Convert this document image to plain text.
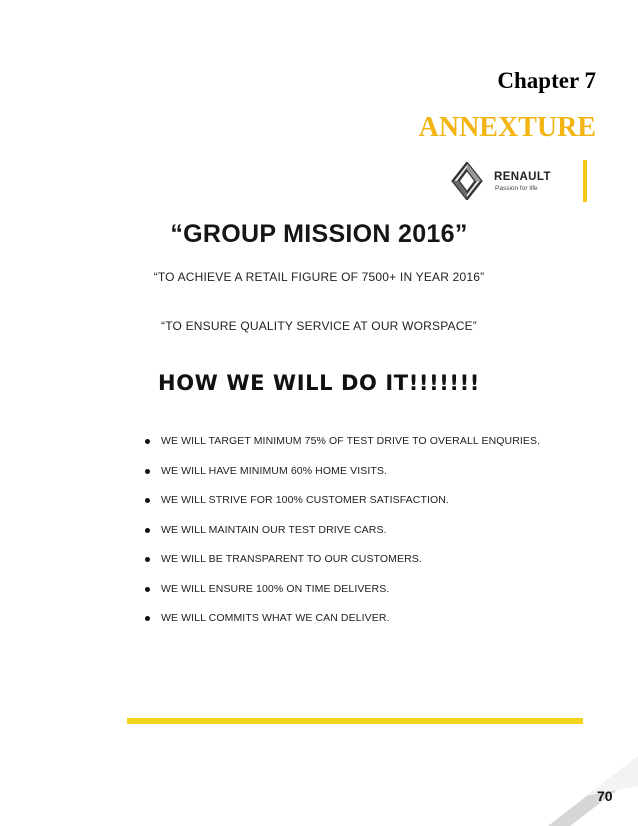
Chapter 7
ANNEXTURE
RENAULT
Passion for life
“GROUP MISSION 2016”
“TO ACHIEVE A RETAIL FIGURE OF 7500+ IN YEAR 2016”
“TO ENSURE QUALITY SERVICE AT OUR WORSPACE”
HOW WE WILL DO IT!!!!!!!
WE WILL TARGET MINIMUM 75% OF TEST DRIVE TO OVERALL ENQURIES.
WE WILL HAVE MINIMUM 60% HOME VISITS.
WE WILL STRIVE FOR 100% CUSTOMER SATISFACTION.
WE WILL MAINTAIN OUR TEST DRIVE CARS.
WE WILL BE TRANSPARENT TO OUR CUSTOMERS.
WE WILL ENSURE 100% ON TIME DELIVERS.
WE WILL COMMITS WHAT WE CAN DELIVER.
70
